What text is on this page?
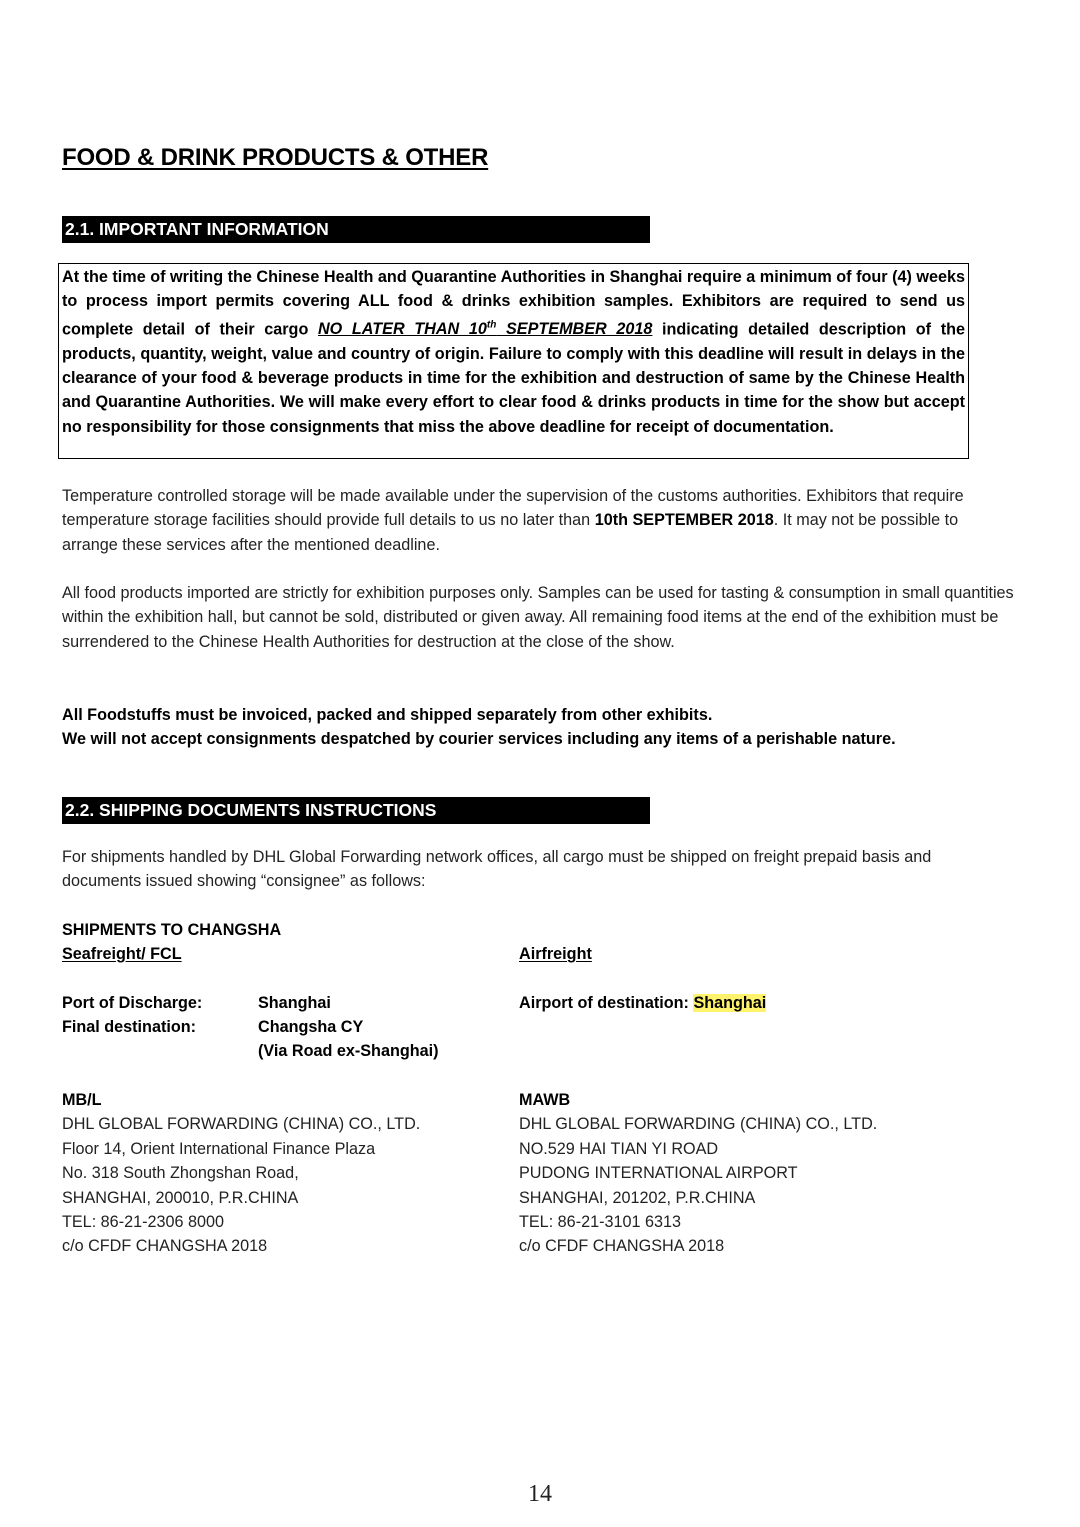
FOOD & DRINK PRODUCTS & OTHER
2.1. IMPORTANT INFORMATION
At the time of writing the Chinese Health and Quarantine Authorities in Shanghai require a minimum of four (4) weeks to process import permits covering ALL food & drinks exhibition samples. Exhibitors are required to send us complete detail of their cargo NO LATER THAN 10th SEPTEMBER 2018 indicating detailed description of the products, quantity, weight, value and country of origin. Failure to comply with this deadline will result in delays in the clearance of your food & beverage products in time for the exhibition and destruction of same by the Chinese Health and Quarantine Authorities. We will make every effort to clear food & drinks products in time for the show but accept no responsibility for those consignments that miss the above deadline for receipt of documentation.
Temperature controlled storage will be made available under the supervision of the customs authorities. Exhibitors that require temperature storage facilities should provide full details to us no later than 10th SEPTEMBER 2018. It may not be possible to arrange these services after the mentioned deadline.
All food products imported are strictly for exhibition purposes only. Samples can be used for tasting & consumption in small quantities within the exhibition hall, but cannot be sold, distributed or given away. All remaining food items at the end of the exhibition must be surrendered to the Chinese Health Authorities for destruction at the close of the show.
All Foodstuffs must be invoiced, packed and shipped separately from other exhibits.
We will not accept consignments despatched by courier services including any items of a perishable nature.
2.2. SHIPPING DOCUMENTS INSTRUCTIONS
For shipments handled by DHL Global Forwarding network offices, all cargo must be shipped on freight prepaid basis and documents issued showing “consignee” as follows:
SHIPMENTS TO CHANGSHA
Seafreight/ FCL	Airfreight
Port of Discharge:	Shanghai
Final destination:	Changsha CY
(Via Road ex-Shanghai)
Airport of destination: Shanghai
MB/L
DHL GLOBAL FORWARDING (CHINA) CO., LTD.
Floor 14, Orient International Finance Plaza
No. 318 South Zhongshan Road,
SHANGHAI, 200010, P.R.CHINA
TEL: 86-21-2306 8000
c/o CFDF CHANGSHA 2018
MAWB
DHL GLOBAL FORWARDING (CHINA) CO., LTD.
NO.529 HAI TIAN YI ROAD
PUDONG INTERNATIONAL AIRPORT
SHANGHAI, 201202, P.R.CHINA
TEL: 86-21-3101 6313
c/o CFDF CHANGSHA 2018
14
